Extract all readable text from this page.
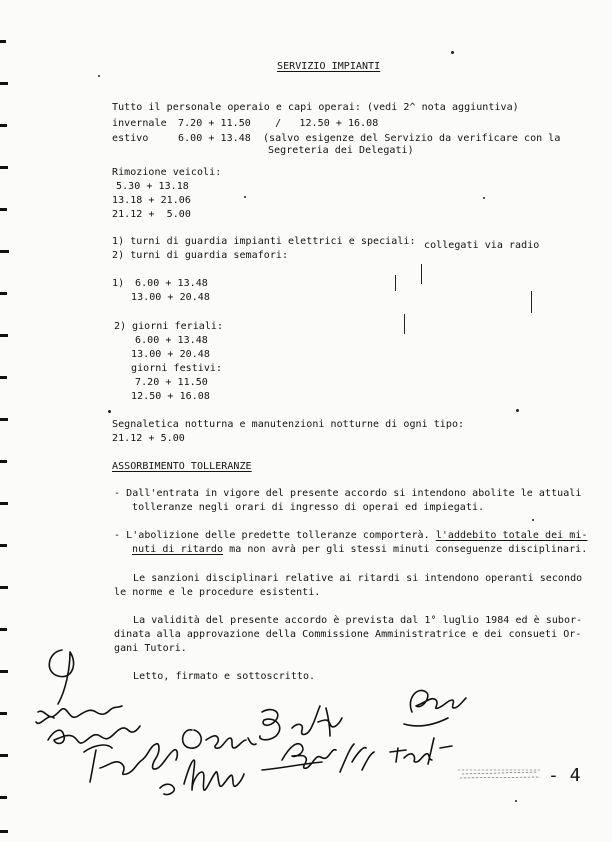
SERVIZIO IMPIANTI

Tutto il personale operaio e capi operai: (vedi 2^ nota aggiuntiva)

invernale 7.20 + 11.50    /   12.50 + 16.08

estivo	6.00 + 13.48  (salvo esigenze del Servizio da verificare con la

Segreteria dei Delegati)

Rimozione veicoli:

5.30 + 13.18

13.18 + 21.06

21.12 +  5.00

1) turni di guardia impianti elettrici e speciali:

2) turni di guardia semafori:

collegati via radio

1) 6.00 + 13.48

13.00 + 20.48

2) giorni feriali:

6.00 + 13.48

13.00 + 20.48

giorni festivi:

7.20 + 11.50

12.50 + 16.08

Segnaletica notturna e manutenzioni notturne di ogni tipo:

21.12 + 5.00

ASSORBIMENTO TOLLERANZE

- Dall'entrata in vigore del presente accordo si intendono abolite le attuali

tolleranze negli orari di ingresso di operai ed impiegati.

- L'abolizione delle predette tolleranze comporterà. l'addebito totale dei mi-

nuti di ritardo ma non avrà per gli stessi minuti conseguenze disciplinari.

Le sanzioni disciplinari relative ai ritardi si intendono operanti secondo

le norme e le procedure esistenti.

La validità del presente accordo è prevista dal 1° luglio 1984 ed è subor-

dinata alla approvazione della Commissione Amministratrice e dei consueti Or-

gani Tutori.

Letto, firmato e sottoscritto.

- 4
